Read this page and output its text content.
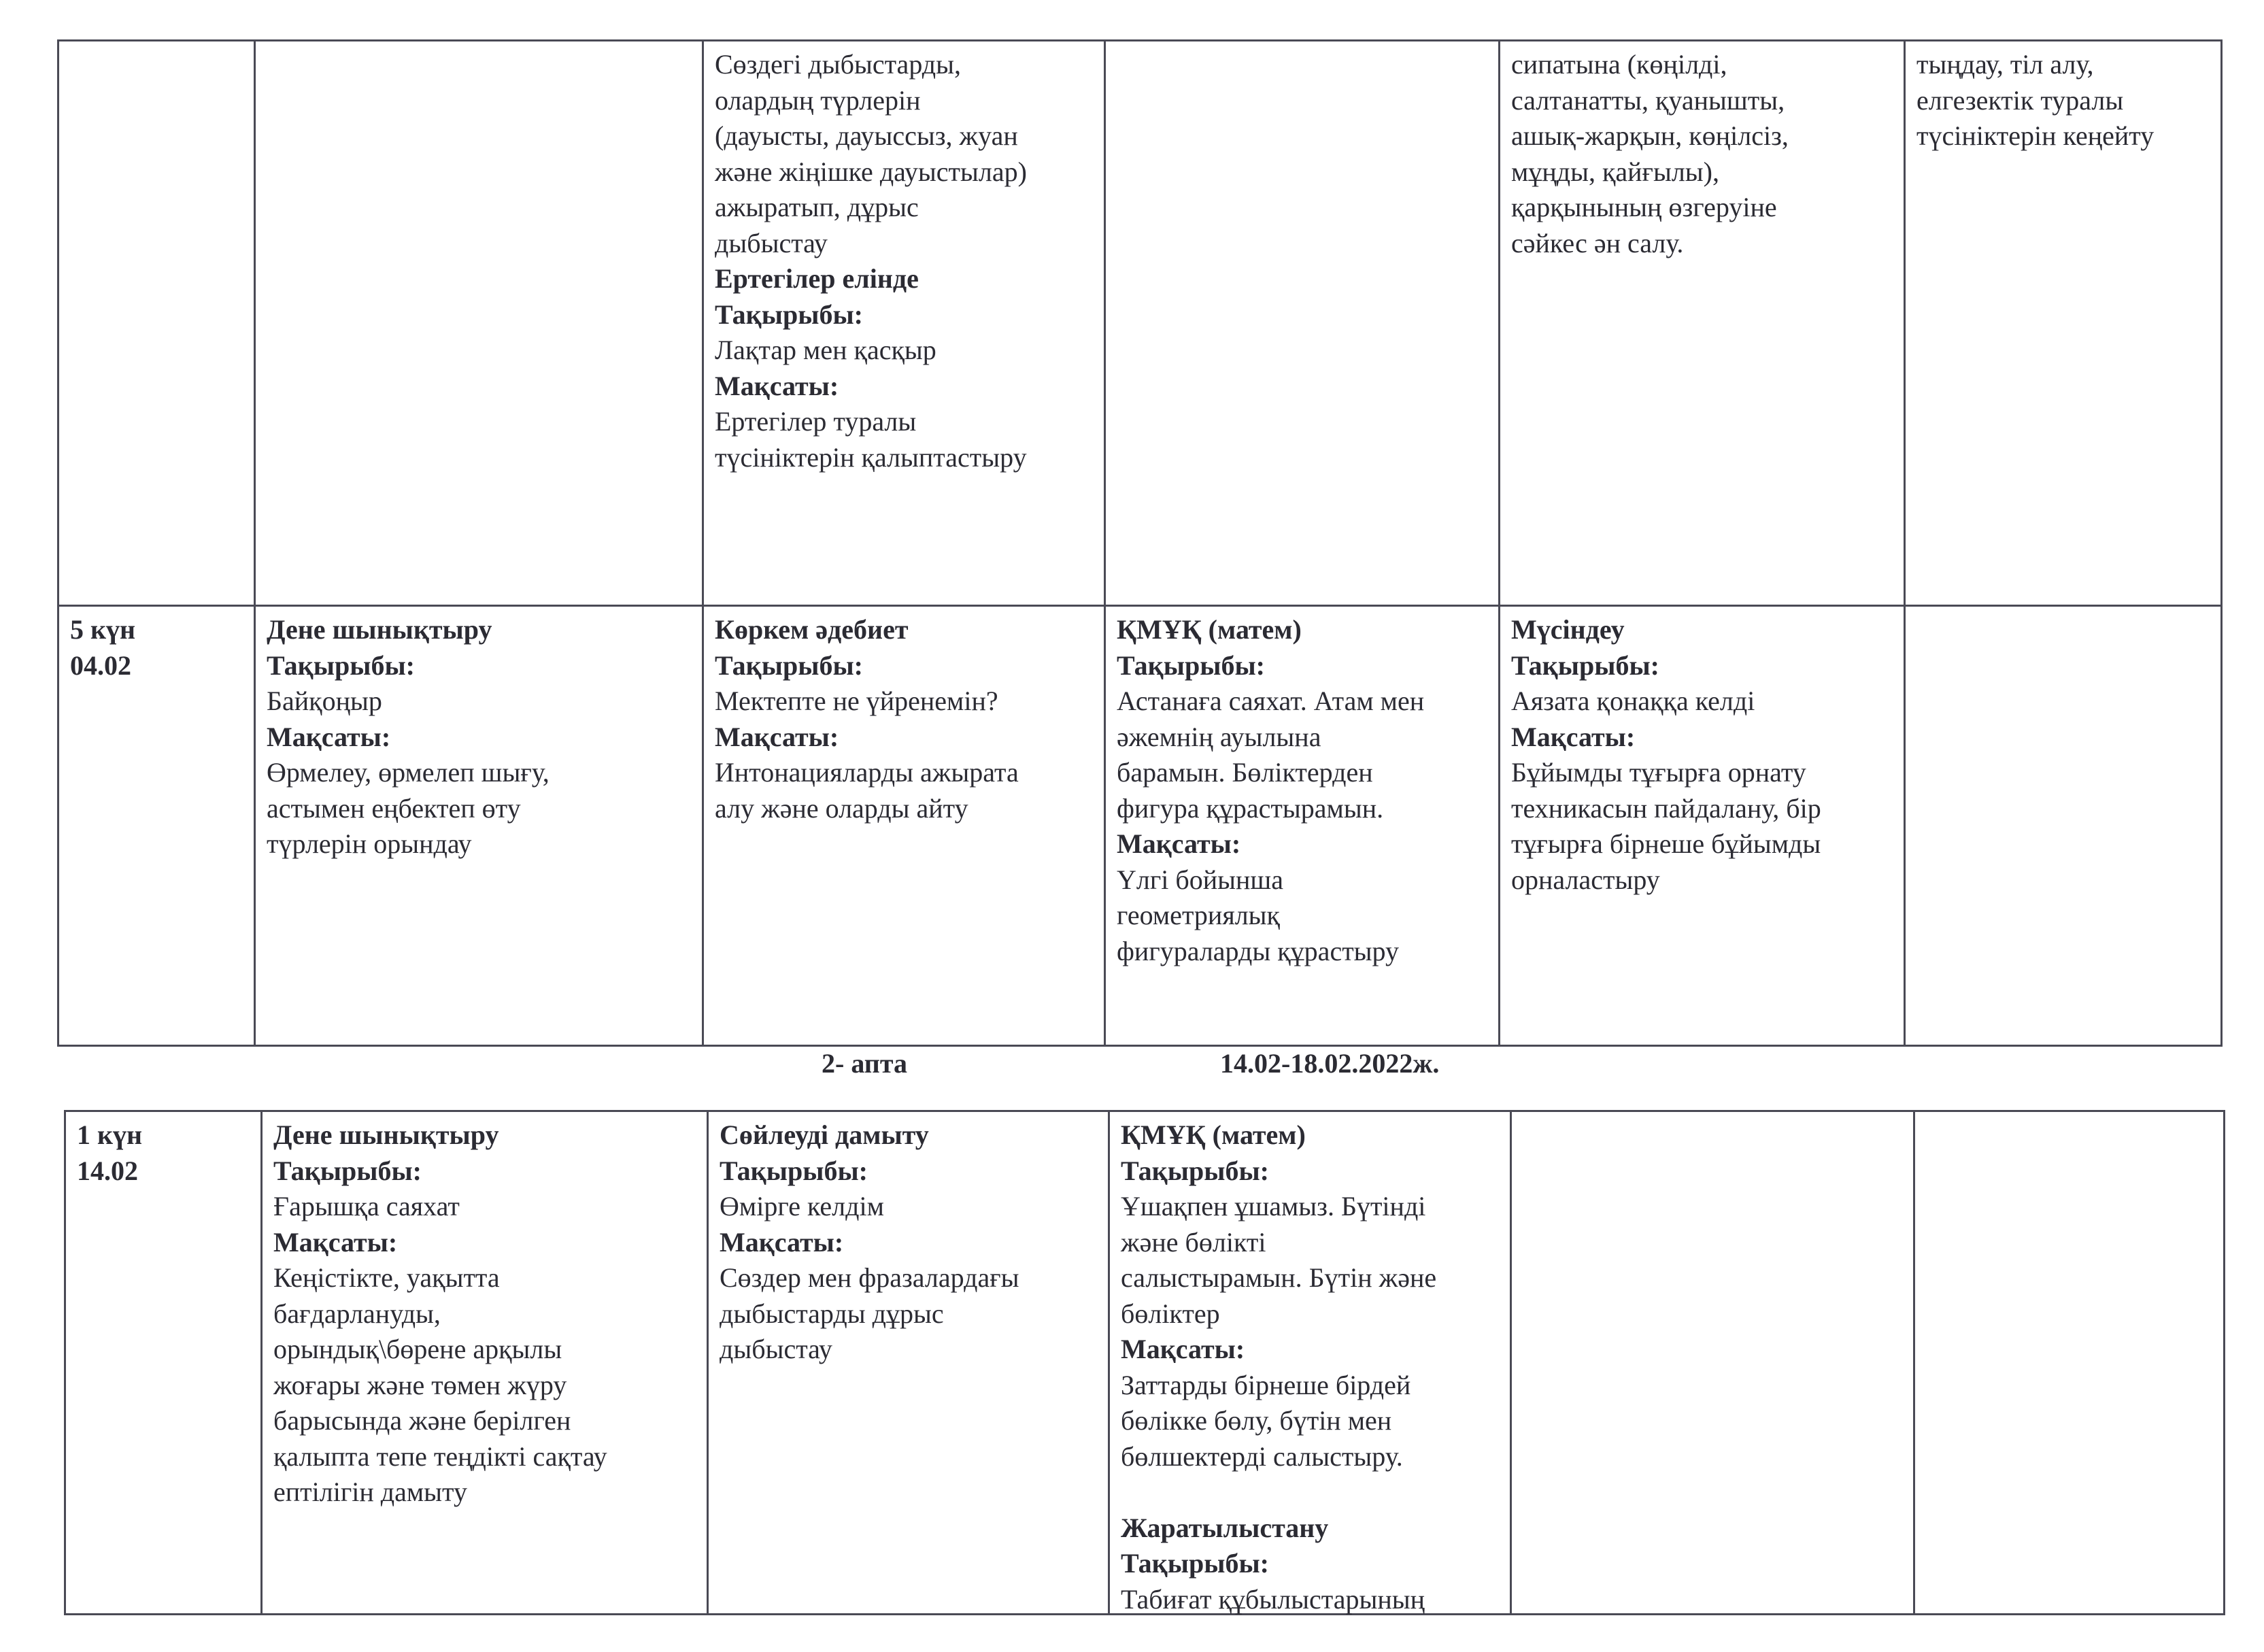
Сөздегі дыбыстарды,
олардың түрлерін
(дауысты, дауыссыз, жуан
және жіңішке дауыстылар)
ажыратып, дұрыс
дыбыстау
Ертегілер елінде
Тақырыбы:
Лақтар мен қасқыр
Мақсаты:
Ертегілер туралы
түсініктерін қалыптастыру
сипатына (көңілді,
салтанатты, қуанышты,
ашық-жарқын, көңілсіз,
мұңды, қайғылы),
қарқынының өзгеруіне
сәйкес ән салу.
тыңдау, тіл алу,
елгезектік туралы
түсініктерін кеңейту
5 күн
04.02
Дене шынықтыру
Тақырыбы:
Байқоңыр
Мақсаты:
Өрмелеу, өрмелеп шығу,
астымен еңбектеп өту
түрлерін орындау
Көркем әдебиет
Тақырыбы:
Мектепте не үйренемін?
Мақсаты:
Интонацияларды ажырата
алу және оларды айту
ҚМҰҚ (матем)
Тақырыбы:
Астанаға саяхат. Атам мен
әжемнің ауылына
барамын. Бөліктерден
фигура құрастырамын.
Мақсаты:
Үлгі бойынша
геометриялық
фигураларды құрастыру
Мүсіндеу
Тақырыбы:
Аязата қонаққа келді
Мақсаты:
Бұйымды тұғырға орнату
техникасын пайдалану, бір
тұғырға бірнеше бұйымды
орналастыру
2- апта	14.02-18.02.2022ж.
1 күн
14.02
Дене шынықтыру
Тақырыбы:
Ғарышқа саяхат
Мақсаты:
Кеңістікте, уақытта
бағдарлануды,
орындық\бөрене арқылы
жоғары және төмен жүру
барысында және берілген
қалыпта тепе теңдікті сақтау
ептілігін дамыту
Сөйлеуді дамыту
Тақырыбы:
Өмірге келдім
Мақсаты:
Сөздер мен фразалардағы
дыбыстарды дұрыс
дыбыстау
ҚМҰҚ (матем)
Тақырыбы:
Ұшақпен ұшамыз. Бүтінді
және бөлікті
салыстырамын. Бүтін және
бөліктер
Мақсаты:
Заттарды бірнеше бірдей
бөлікке бөлу, бүтін мен
бөлшектерді салыстыру.
Жаратылыстану
Тақырыбы:
Табиғат құбылыстарының
